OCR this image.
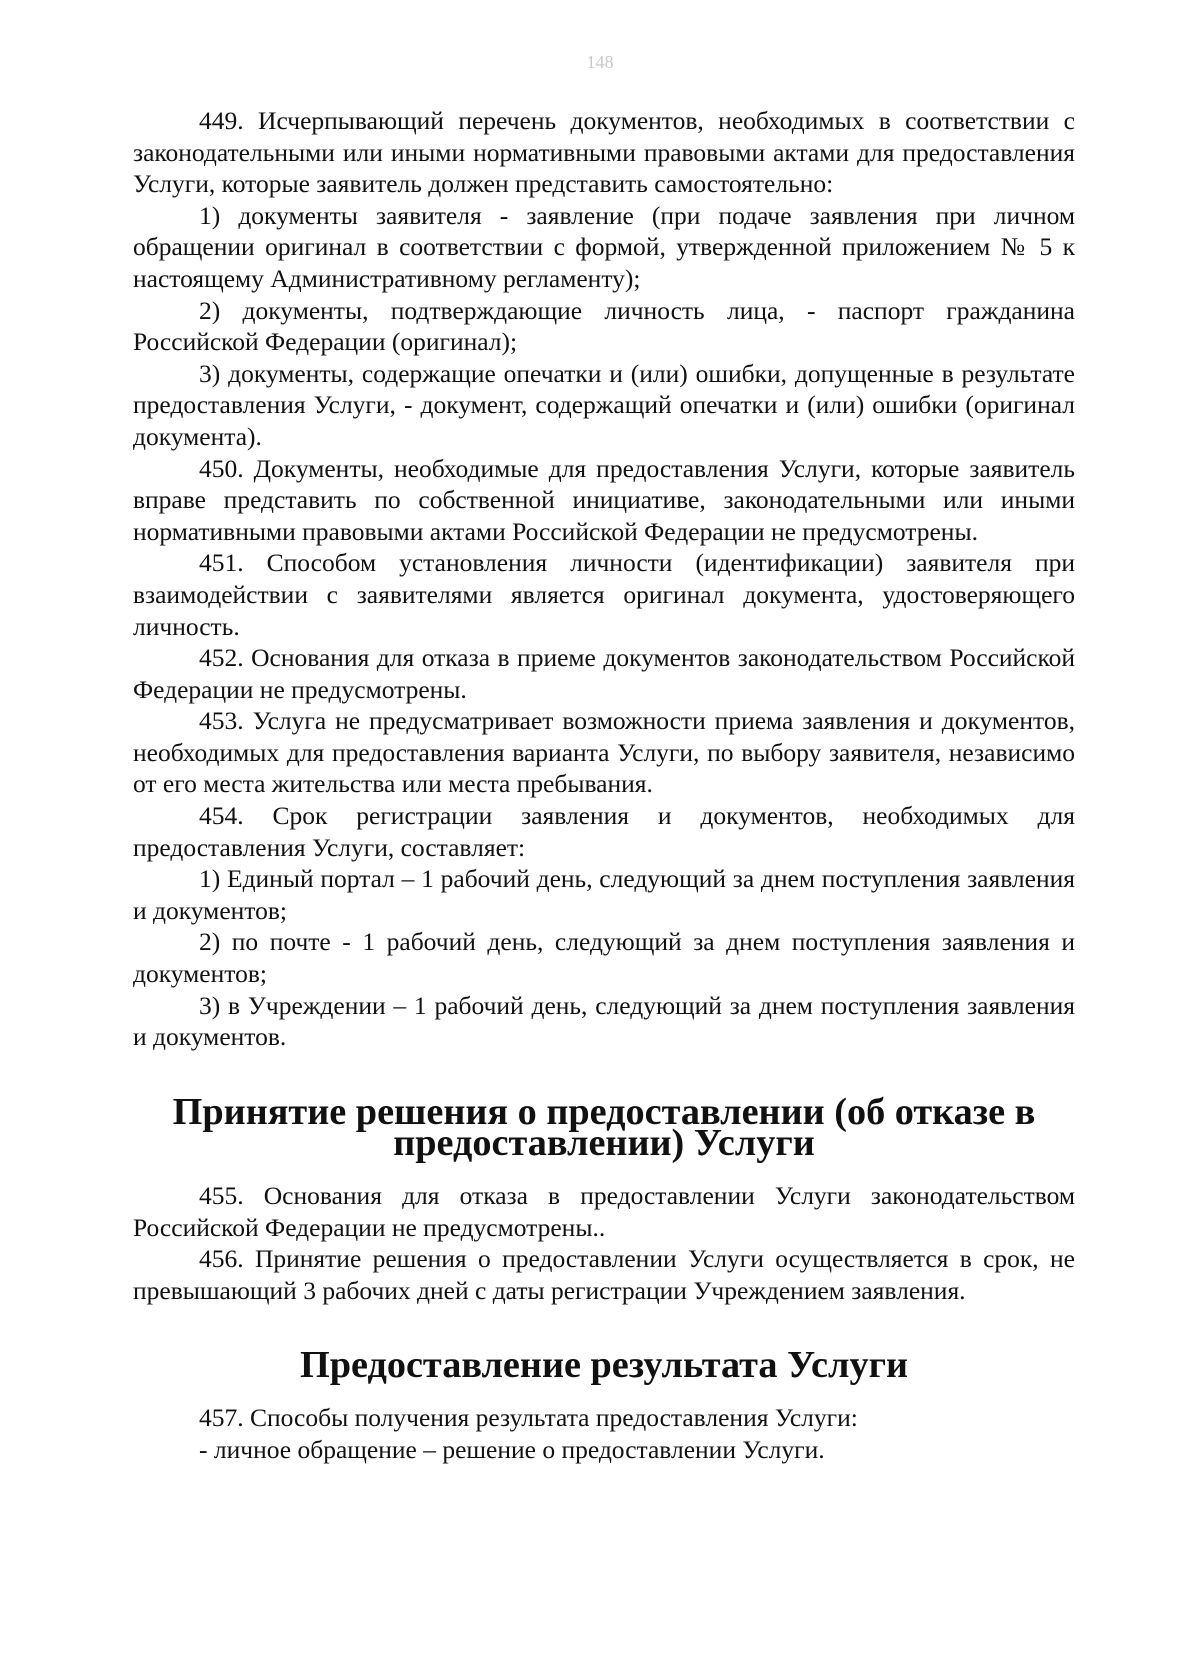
148

449. Исчерпывающий перечень документов, необходимых в соответствии с законодательными или иными нормативными правовыми актами для предоставления Услуги, которые заявитель должен представить самостоятельно:

1) документы заявителя - заявление (при подаче заявления при личном обращении оригинал в соответствии с формой, утвержденной приложением № 5 к настоящему Административному регламенту);

2) документы, подтверждающие личность лица, - паспорт гражданина Российской Федерации (оригинал);

3) документы, содержащие опечатки и (или) ошибки, допущенные в результате предоставления Услуги, - документ, содержащий опечатки и (или) ошибки (оригинал документа).

450. Документы, необходимые для предоставления Услуги, которые заявитель вправе представить по собственной инициативе, законодательными или иными нормативными правовыми актами Российской Федерации не предусмотрены.

451. Способом установления личности (идентификации) заявителя при взаимодействии с заявителями является оригинал документа, удостоверяющего личность.

452. Основания для отказа в приеме документов законодательством Российской Федерации не предусмотрены.

453. Услуга не предусматривает возможности приема заявления и документов, необходимых для предоставления варианта Услуги, по выбору заявителя, независимо от его места жительства или места пребывания.

454. Срок регистрации заявления и документов, необходимых для предоставления Услуги, составляет:

1) Единый портал – 1 рабочий день, следующий за днем поступления заявления и документов;

2) по почте - 1 рабочий день, следующий за днем поступления заявления и документов;

3) в Учреждении – 1 рабочий день, следующий за днем поступления заявления и документов.

Принятие решения о предоставлении (об отказе в предоставлении) Услуги

455. Основания для отказа в предоставлении Услуги законодательством Российской Федерации не предусмотрены..

456. Принятие решения о предоставлении Услуги осуществляется в срок, не превышающий 3 рабочих дней с даты регистрации Учреждением заявления.

Предоставление результата Услуги

457. Способы получения результата предоставления Услуги:

- личное обращение – решение о предоставлении Услуги.
